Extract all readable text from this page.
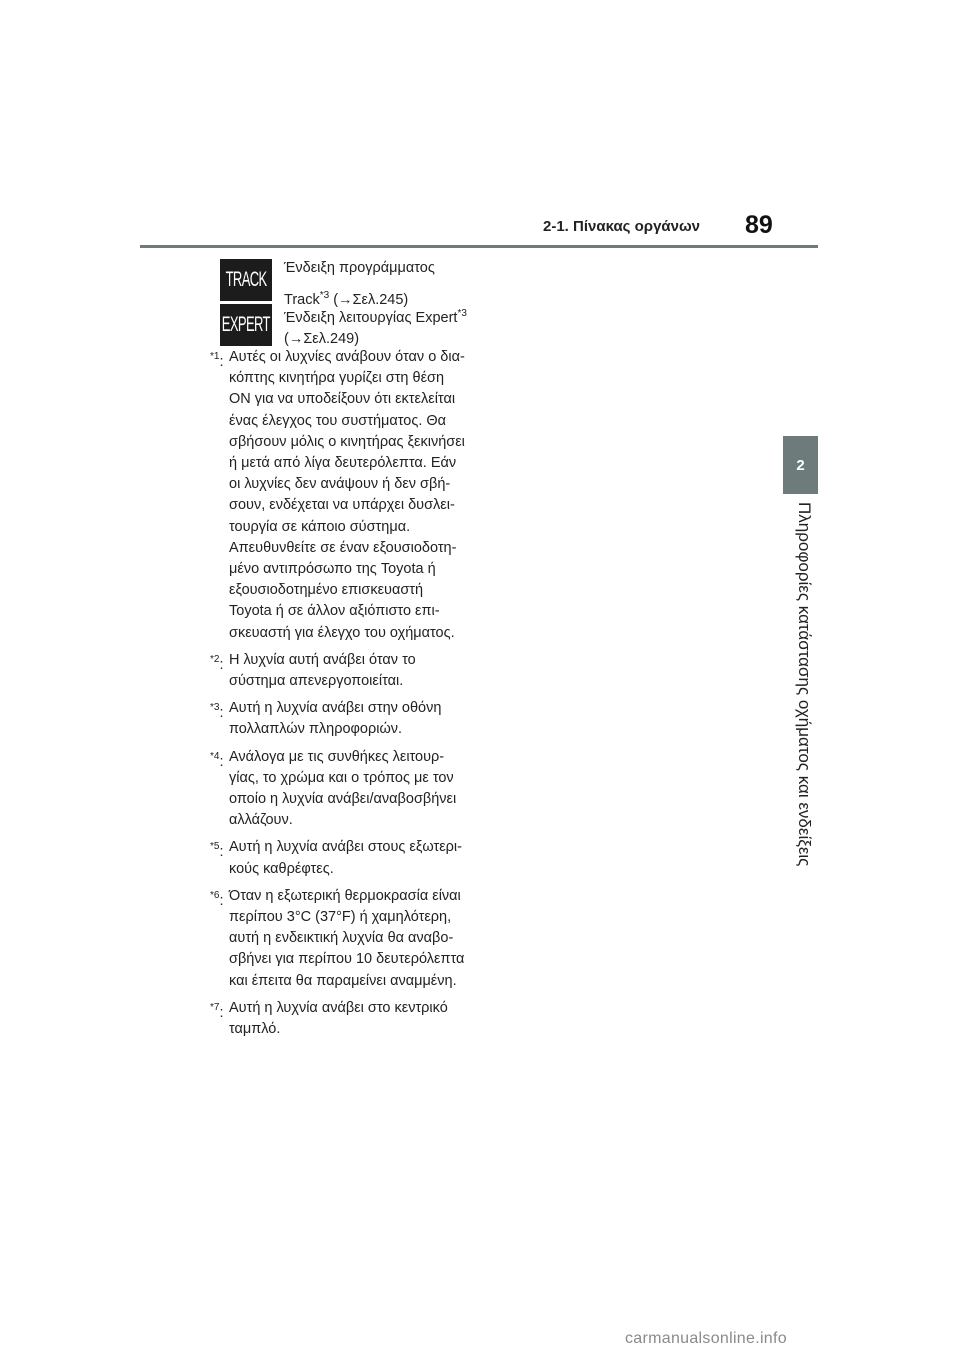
2-1. Πίνακας οργάνων 89
2
Πληροφορίες κατάστασης οχήματος και ενδείξεις
TRACK Ένδειξη προγράμματος
Track$^{*3}$ (→Σελ.245)
EXPERT Ένδειξη λειτουργίας Expert$^{*3}$
(→Σελ.249)
$^{*1}$: Αυτές οι λυχνίες ανάβουν όταν ο δια-
κόπτης κινητήρα γυρίζει στη θέση
ON για να υποδείξουν ότι εκτελείται
ένας έλεγχος του συστήματος. Θα
σβήσουν μόλις ο κινητήρας ξεκινήσει
ή μετά από λίγα δευτερόλεπτα. Εάν
οι λυχνίες δεν ανάψουν ή δεν σβή-
σουν, ενδέχεται να υπάρχει δυσλει-
τουργία σε κάποιο σύστημα.
Απευθυνθείτε σε έναν εξουσιοδοτη-
μένο αντιπρόσωπο της Toyota ή
εξουσιοδοτημένο επισκευαστή
Toyota ή σε άλλον αξιόπιστο επι-
σκευαστή για έλεγχο του οχήματος.
$^{*2}$: Η λυχνία αυτή ανάβει όταν το
σύστημα απενεργοποιείται.
$^{*3}$: Αυτή η λυχνία ανάβει στην οθόνη
πολλαπλών πληροφοριών.
$^{*4}$: Ανάλογα με τις συνθήκες λειτουρ-
γίας, το χρώμα και ο τρόπος με τον
οποίο η λυχνία ανάβει/αναβοσβήνει
αλλάζουν.
$^{*5}$: Αυτή η λυχνία ανάβει στους εξωτερι-
κούς καθρέφτες.
$^{*6}$: Όταν η εξωτερική θερμοκρασία είναι
περίπου 3°C (37°F) ή χαμηλότερη,
αυτή η ενδεικτική λυχνία θα αναβο-
σβήνει για περίπου 10 δευτερόλεπτα
και έπειτα θα παραμείνει αναμμένη.
$^{*7}$: Αυτή η λυχνία ανάβει στο κεντρικό
ταμπλό.
carmanualsonline.info
